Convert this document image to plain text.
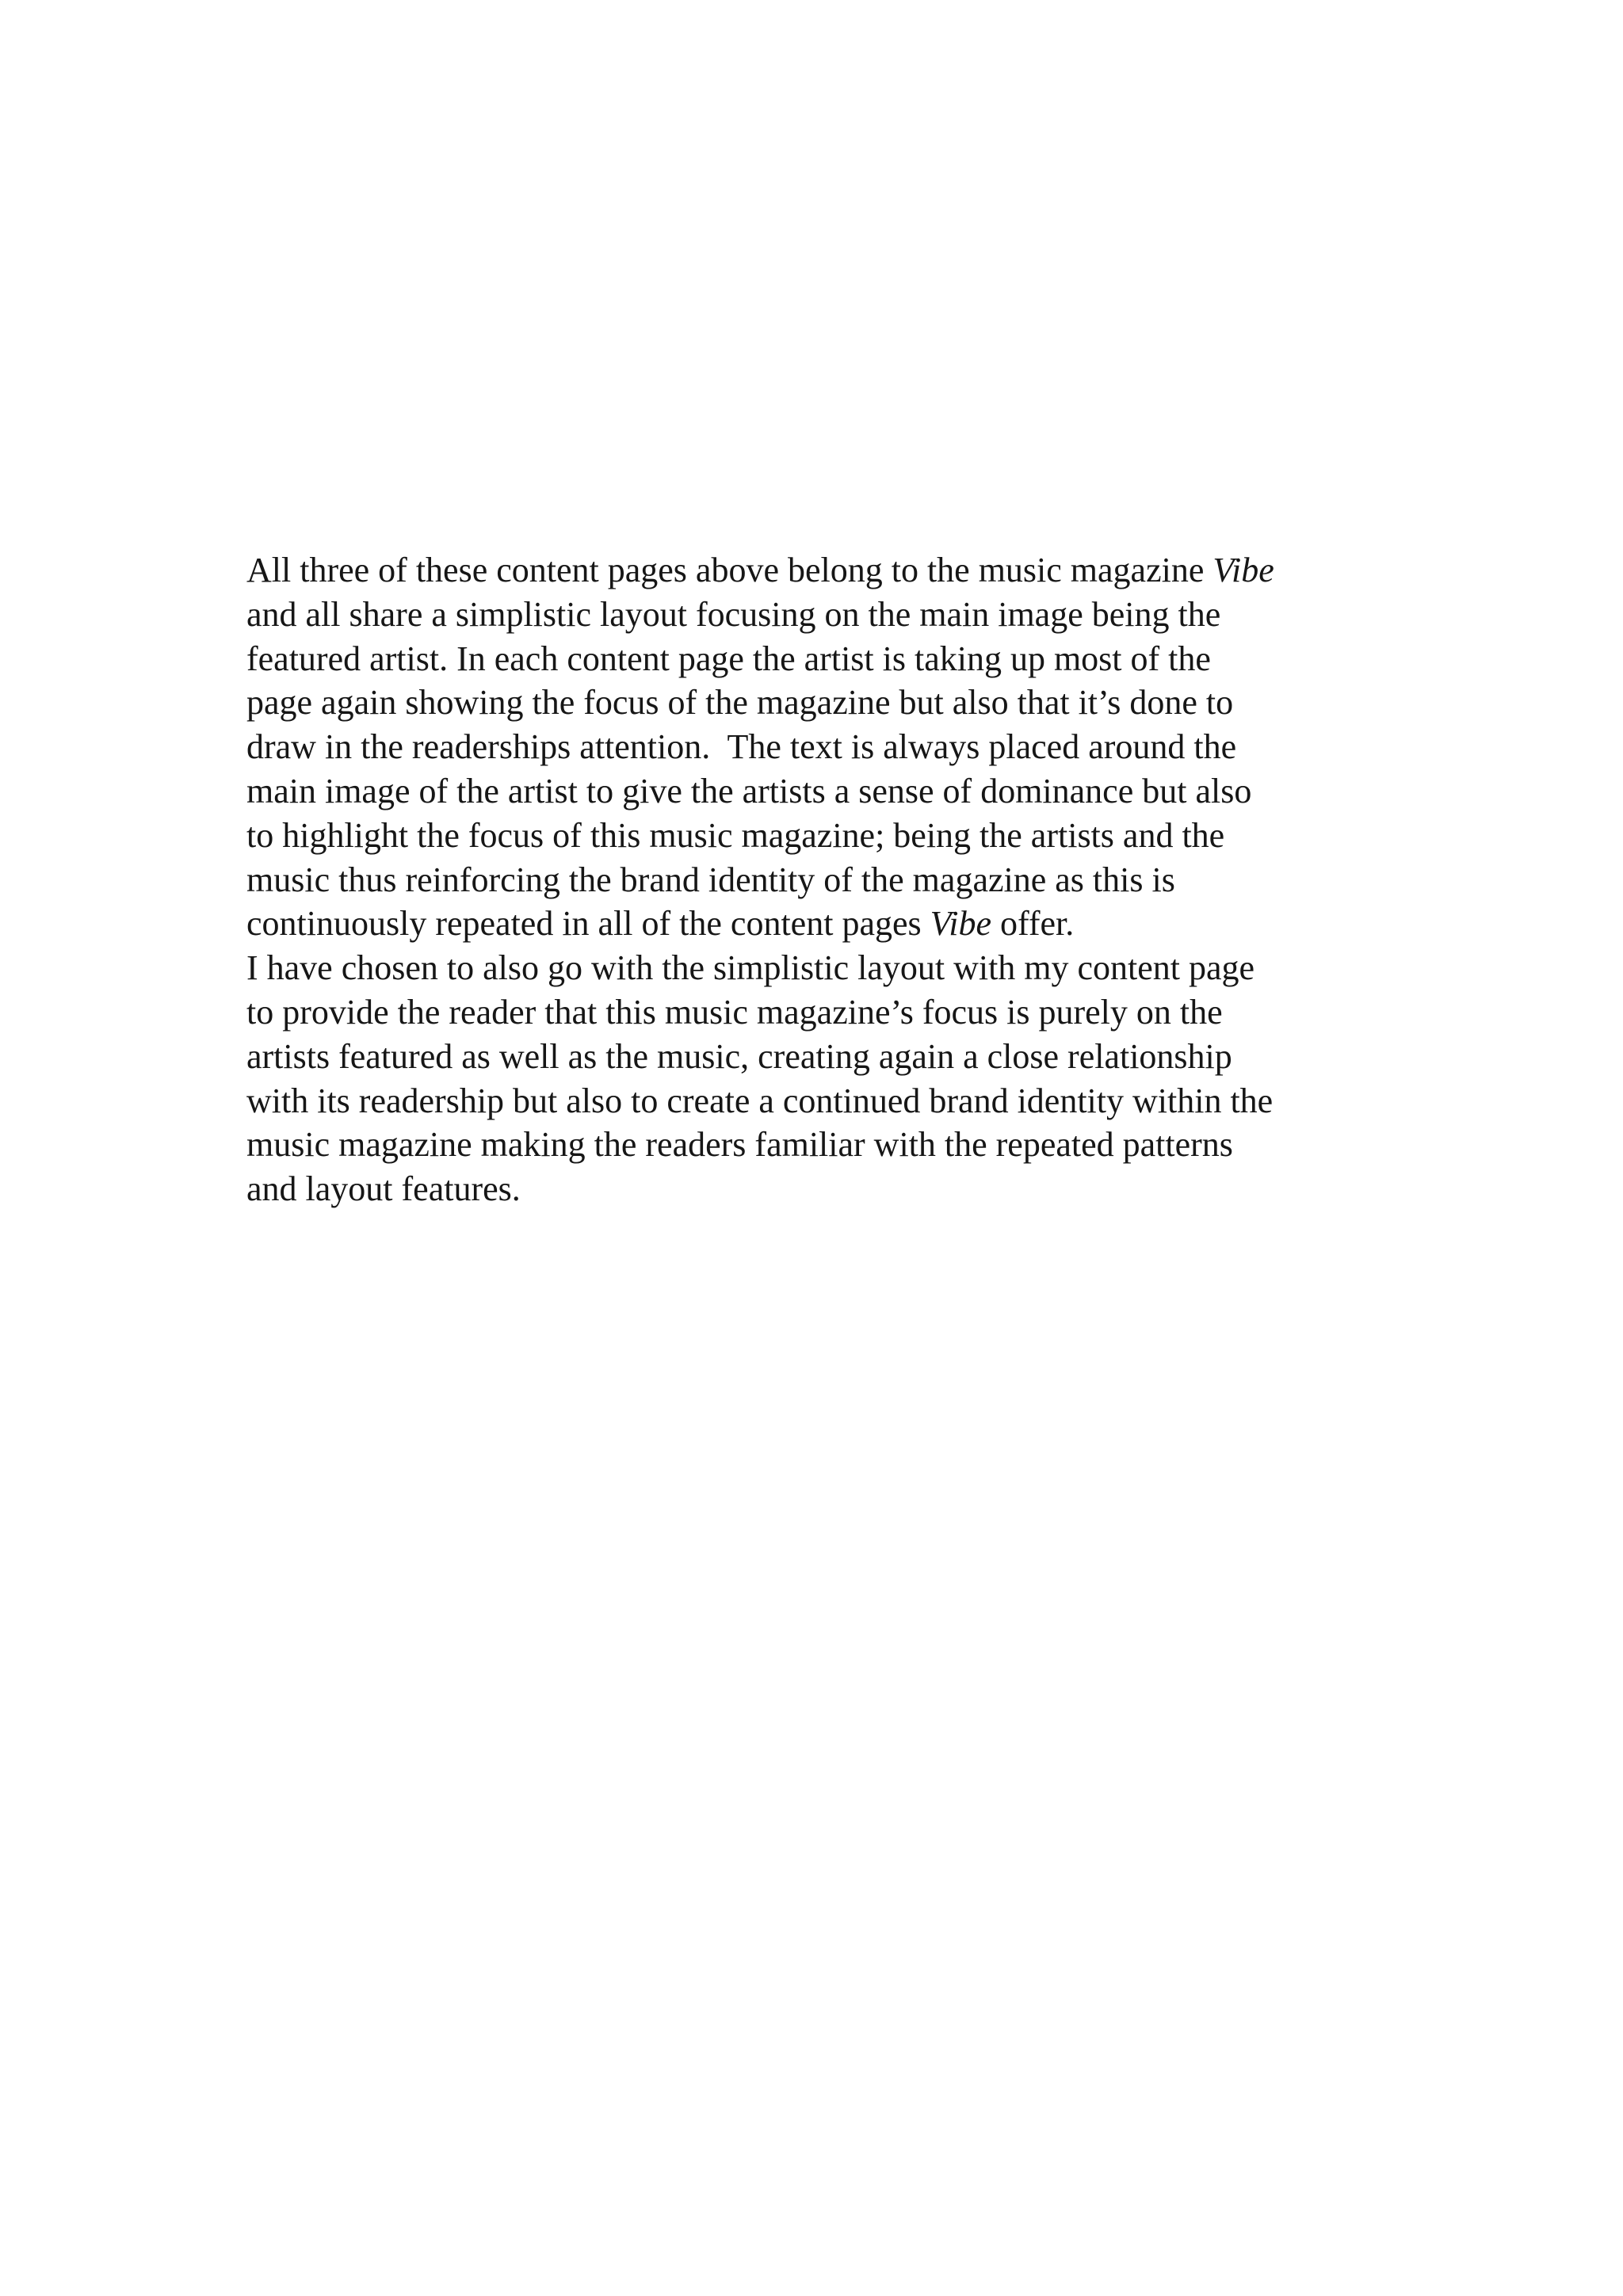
All three of these content pages above belong to the music magazine Vibe
and all share a simplistic layout focusing on the main image being the
featured artist. In each content page the artist is taking up most of the
page again showing the focus of the magazine but also that it’s done to
draw in the readerships attention.  The text is always placed around the
main image of the artist to give the artists a sense of dominance but also
to highlight the focus of this music magazine; being the artists and the
music thus reinforcing the brand identity of the magazine as this is
continuously repeated in all of the content pages Vibe offer.
I have chosen to also go with the simplistic layout with my content page
to provide the reader that this music magazine’s focus is purely on the
artists featured as well as the music, creating again a close relationship
with its readership but also to create a continued brand identity within the
music magazine making the readers familiar with the repeated patterns
and layout features.
